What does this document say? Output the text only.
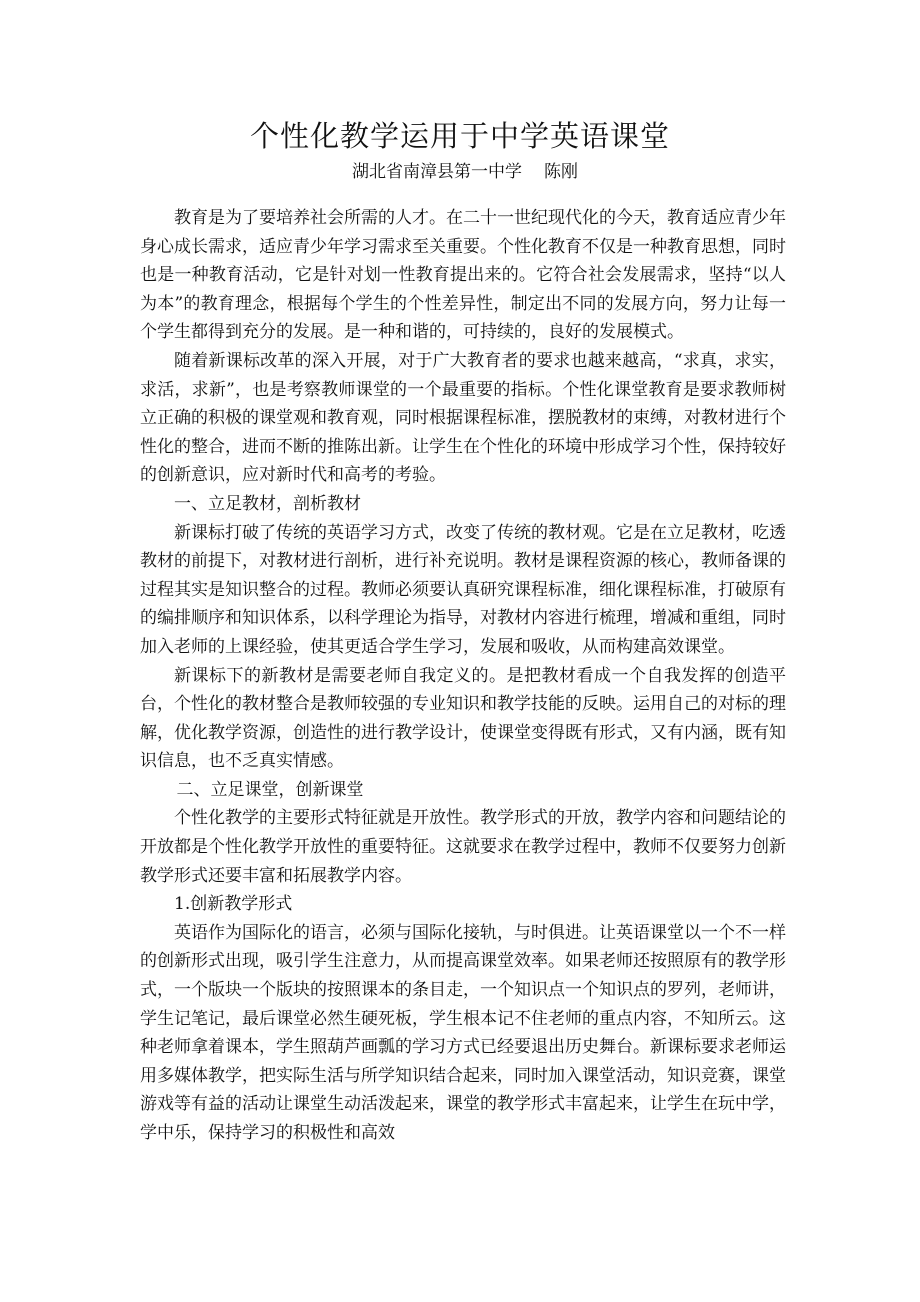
个性化教学运用于中学英语课堂
湖北省南漳县第一中学 陈刚

教育是为了要培养社会所需的人才。在二十一世纪现代化的今天，教育适应青少年身心成长需求，适应青少年学习需求至关重要。个性化教育不仅是一种教育思想，同时也是一种教育活动，它是针对划一性教育提出来的。它符合社会发展需求，坚持“以人为本”的教育理念，根据每个学生的个性差异性，制定出不同的发展方向，努力让每一个学生都得到充分的发展。是一种和谐的，可持续的，良好的发展模式。

随着新课标改革的深入开展，对于广大教育者的要求也越来越高，“求真，求实，求活，求新”，也是考察教师课堂的一个最重要的指标。个性化课堂教育是要求教师树立正确的积极的课堂观和教育观，同时根据课程标准，摆脱教材的束缚，对教材进行个性化的整合，进而不断的推陈出新。让学生在个性化的环境中形成学习个性，保持较好的创新意识，应对新时代和高考的考验。

一、立足教材，剖析教材

新课标打破了传统的英语学习方式，改变了传统的教材观。它是在立足教材，吃透教材的前提下，对教材进行剖析，进行补充说明。教材是课程资源的核心，教师备课的过程其实是知识整合的过程。教师必须要认真研究课程标准，细化课程标准，打破原有的编排顺序和知识体系，以科学理论为指导，对教材内容进行梳理，增减和重组，同时加入老师的上课经验，使其更适合学生学习，发展和吸收，从而构建高效课堂。

新课标下的新教材是需要老师自我定义的。是把教材看成一个自我发挥的创造平台，个性化的教材整合是教师较强的专业知识和教学技能的反映。运用自己的对标的理解，优化教学资源，创造性的进行教学设计，使课堂变得既有形式，又有内涵，既有知识信息，也不乏真实情感。

二、立足课堂，创新课堂

个性化教学的主要形式特征就是开放性。教学形式的开放，教学内容和问题结论的开放都是个性化教学开放性的重要特征。这就要求在教学过程中，教师不仅要努力创新教学形式还要丰富和拓展教学内容。

1.创新教学形式

英语作为国际化的语言，必须与国际化接轨，与时俱进。让英语课堂以一个不一样的创新形式出现，吸引学生注意力，从而提高课堂效率。如果老师还按照原有的教学形式，一个版块一个版块的按照课本的条目走，一个知识点一个知识点的罗列，老师讲，学生记笔记，最后课堂必然生硬死板，学生根本记不住老师的重点内容，不知所云。这种老师拿着课本，学生照葫芦画瓢的学习方式已经要退出历史舞台。新课标要求老师运用多媒体教学，把实际生活与所学知识结合起来，同时加入课堂活动，知识竞赛，课堂游戏等有益的活动让课堂生动活泼起来，课堂的教学形式丰富起来，让学生在玩中学，学中乐，保持学习的积极性和高效
